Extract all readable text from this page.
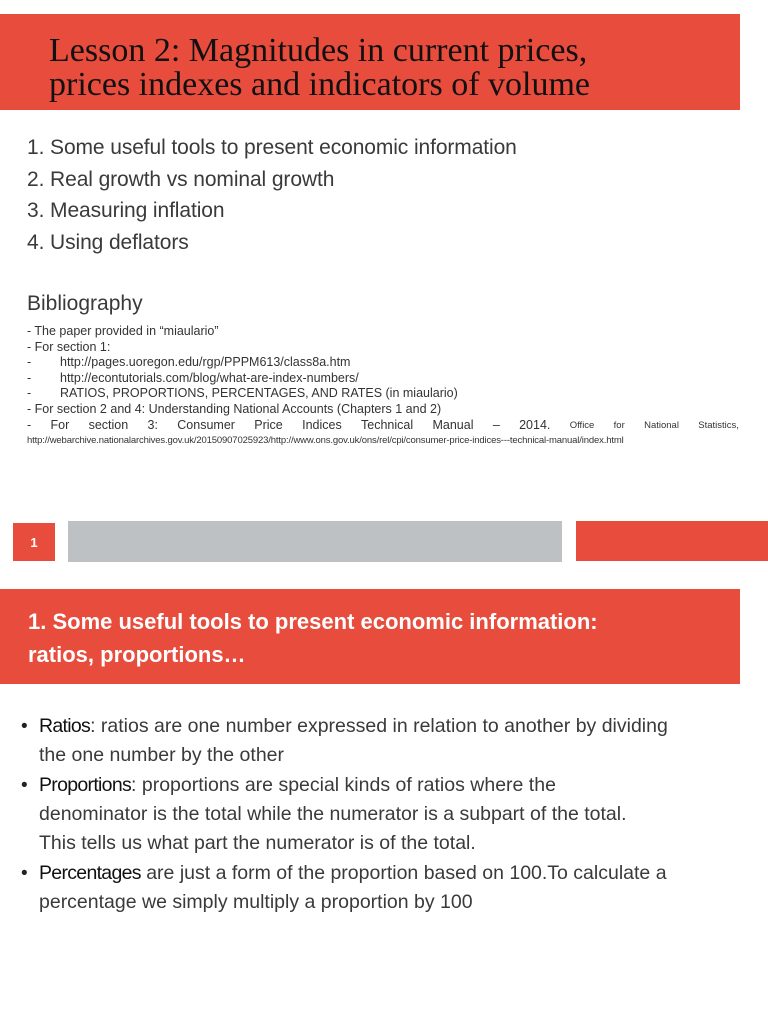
Lesson 2: Magnitudes in current prices,
prices indexes and indicators of volume
1. Some useful tools to present economic information
2. Real growth vs nominal growth
3. Measuring inflation
4. Using deflators
Bibliography
- The paper provided in “miaulario”
- For section 1:
-	http://pages.uoregon.edu/rgp/PPPM613/class8a.htm
-	http://econtutorials.com/blog/what-are-index-numbers/
-	RATIOS, PROPORTIONS, PERCENTAGES, AND RATES (in miaulario)
- For section 2 and 4: Understanding National Accounts (Chapters 1 and 2)
- For section 3: Consumer Price Indices Technical Manual – 2014. Office for National Statistics,
http://webarchive.nationalarchives.gov.uk/20150907025923/http://www.ons.gov.uk/ons/rel/cpi/consumer-price-indices---technical-manual/index.html
1
1. Some useful tools to present economic information:
ratios, proportions…
• Ratios: ratios are one number expressed in relation to another by dividing
the one number by the other
• Proportions: proportions are special kinds of ratios where the
denominator is the total while the numerator is a subpart of the total.
This tells us what part the numerator is of the total.
• Percentages are just a form of the proportion based on 100.To calculate a
percentage we simply multiply a proportion by 100
